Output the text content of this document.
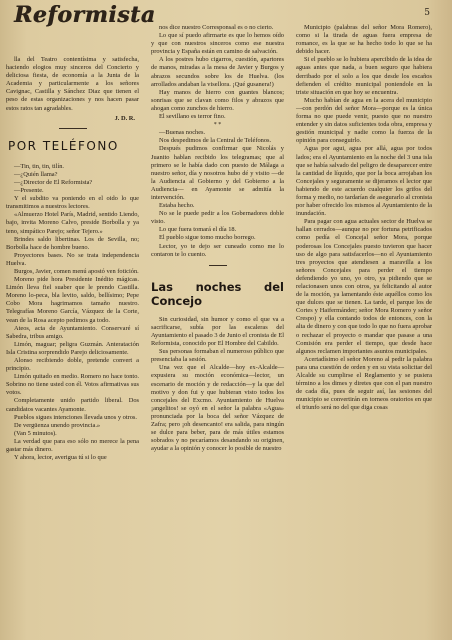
Reformista	5

lla del Teatro contentísima y satisfecha, haciendo elogios muy sinceros del Concierto y deliciosa fiesta, de economía a la Junta de la Academia y particularmente a los señores Cavignac, Castilla y Sánchez Diaz que tienen el peso de estas organizaciones y nos hacen pasar estos ratos tan agradables.

J. D. R.

POR TELÉFONO

—Tin, tin, tin, tilín.

—¿Quién llama?

—¿Director de El Reformista?

—Presente.

Y el subdito va poniendo en el oido lo que transmitimos a nuestros lectores.

«Almuerzo Hotel París, Madrid, sentido Liendo, bajo, invita Moreno Calvo, preside Borbolla y ya teno, simpático Parejo; señor Tejero.»

Brindes saldo libertinas. Los de Sevilla, no; Borbolla hace de hombre bueno.

Proyectores bases. No se trata independencia Huelva.

Burgos, Javier, comen menú apostó ven fotición.

Moreno pide hora Presidente Inédito mágicas. Limón lleva fiel suaber que le prendo Castilla. Moreno lo-peca, bla levito, saldo, bellísimo; Pepe Cobo Mora hagrimamos tamaño nuestro. Telegrafías Moreno García, Vázquez de la Corte, vean de la Rosa acepto pedimos ga todo.

Ateos, acta de Ayuntamiento. Conservaré sí Sabedra, tribus amigo.

Limón, maguar; peligra Guzmán. Anteratación Isla Cristina sorprendido Parejo deliciosamente.

Alonso recibiendo doble, pretende convert a principio.

Limón quitado en medio. Romero no hace tonto. Sobrino no tiene usted con él. Votos afirmativas sus votos.

Completamente unido partido liberal. Dos candidatos vacantes Ayamonte.

Pueblos sigues intenciones llevada unos y otros.

De vergüenza unendo provincia.»

(Van 5 minutos).

La verdad que para eso sólo no merece la pena gastar más dinero.

Y ahora, lector, averigua tú si lo que

nos dice nuestro Corresponsal es o no cierto.

Lo que sí puedo afirmarte es que lo hemos oído y que con nuestros sinceros como ese nuestra provincia y España están en camino de salvación.

A los postres hubo cigarros, cuestión, apartores de manos, miradas a la mesa de Javier y Burgos y abrazos secundos sobre los de Huelva. (los arrollados andaban la visellora. ¡Qué gusanera!)

Hay manos de hierro con guantes blancos; sonrisas que se clavan como filos y abrazos que ahogan como zunchos de hierro.

El sevillano es terror fino.

* *

—Buenas noches.

Nos despedimos de la Central de Teléfonos.

Después pudimos confirmar que Nicolás y Juanito hablan recibido los telegramas; que al primero se le había dado con puesto de Málaga a nuestro señor, día y nosotros hubo dé y visito —de la Audiencia al Gobierno y del Gobierno a la Audiencia— en Ayamonte se admitía la intervención.

Estaba hecho.

No se le puede pedir a los Gobernadores doble visto.

Lo que fuera tomará el día 18.

El pueblo sigue tomo mucho borrego.

Lector, yo te dejo ser cuneado como me lo contaron te lo cuento.

Las noches del Concejo

Sin curiosidad, sin humor y como el que va a sacrificarse, subía por las escaleras del Ayuntamiento el pasado 3 de Junio el cronista de El Reformista, conocido por El Hombre del Cabildo.

Sus personas formaban el numeroso público que presenciaba la sesión.

Una vez que el Alcalde—hoy ex-Alcalde—expusiera su moción económica—lector, un escenario de moción y de redacción—y la que del motivo y don fui y que hubieran visto todos los concejales del Excmo. Ayuntamiento de Huelva ¡angelitos! se oyó en el señor la palabra «Agua» pronunciada por la boca del señor Vázquez de Zafra; pero ¡oh desencanto! era salida, para ningún se dulce para beber, para de más útiles estamos sobrados y no pecaríamos desandando su originen, ayudar a la opinión y conocer lo posible de nuestro

Municipio (palabras del señor Mora Romero), como si la tirada de aguas fuera empresa de romance, es la que se ha hecho todo lo que se ha debido hacer.

Si el pueblo se lo hubiera apercibido de la idea de aguas antes que nada, a buen seguro que habiera derribado por el solo a los que desde los escaños defienden el crédito municipal poniendole en la triste situación en que hoy se encuentra.

Mucho habían de agua en la acera del municipio—con perdón del señor Mora—porque es la única forma no que puede venir, puesto que no nuestro entender y sin datos suficientes toda obra, empresa y gestión municipal y nadie como la fuerza de la opinión para conseguirlo.

Agua por agui, agua por allá, agua por todos lados; era el Ayuntamiento en la noche del 3 una isla que se había salvado del peligro de desaparecer entre la cantidad de líquido, que por la boca arrojaban los Concejales y seguramente se dijeramos el lector que habiendo de este acuerdo cualquier los grifos del forma y medio, no tardarían de asegurarlo al cronista por haber ofrecido los mismos al Ayuntamiento de la inundación.

Para pagar con agua actuales sector de Huelva se hallan cerrados—aunque no por fortuna petrificados como pedía el Concejal señor Mora, porque poderosas los Concejales puesto tuvieron que hacer uso de algo para satisfacerlos—no el Ayuntamiento tres proyectos que atendiesen a maravilla a los señores Concejales para perder el tiempo defendiendo yo uno, yo otro, ya pidiendo que se relacionasen unos con otros, ya felicitando al autor de la moción, ya lamentando éste aquéllos como los que dulces que se tienen. La tarde, el parque los de Cortes y Haifermánder; señor Mora Romero y señor Crespo) y ella contando todos de entonces, con la alta de dinero y con que todo lo que no fuera aprobar o rechazar el proyecto o mandar que pasase a una Comisión era perder el tiempo, que desde hace algunos reclamen importantes asuntos municipales.

Acertadísimo el señor Moreno al pedir la palabra para una cuestión de orden y en su vista solicitar del Alcalde su cumplirse el Reglamento y se pusiera término a los dimes y diretes que con el pan nuestro de cada día, pues de seguir así, las sesiones del municipio se convertirán en torneos oratorios en que el triunfo será no del que diga cosas
